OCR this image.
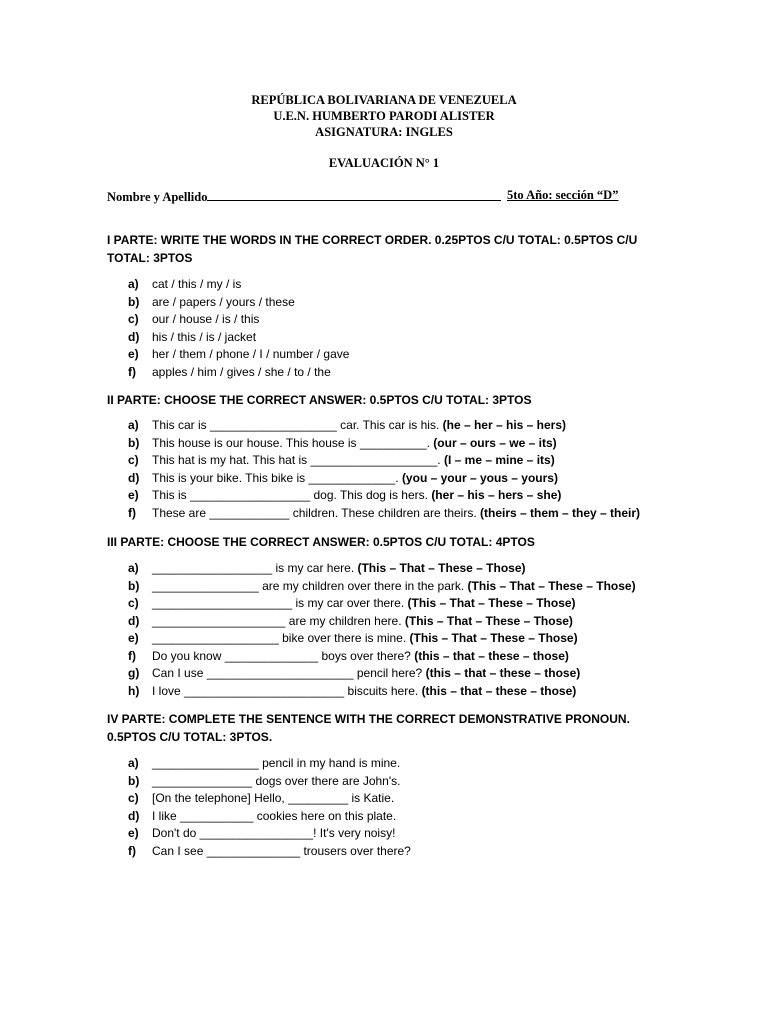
REPÚBLICA BOLIVARIANA DE VENEZUELA
U.E.N. HUMBERTO PARODI ALISTER
ASIGNATURA: INGLES
EVALUACIÓN N° 1
Nombre y Apellido	5to Año: sección “D”
I PARTE: WRITE THE WORDS IN THE CORRECT ORDER. 0.25PTOS C/U TOTAL: 0.5PTOS C/U TOTAL: 3PTOS
a) cat / this / my / is
b) are / papers / yours / these
c) our / house / is / this
d) his / this / is / jacket
e) her / them / phone / I / number / gave
f) apples / him / gives / she / to / the
II PARTE: CHOOSE THE CORRECT ANSWER: 0.5PTOS C/U TOTAL: 3PTOS
a) This car is ___________________ car. This car is his. (he – her – his – hers)
b) This house is our house. This house is __________. (our – ours – we – its)
c) This hat is my hat. This hat is ___________________. (I – me – mine – its)
d) This is your bike. This bike is _____________. (you – your – yous – yours)
e) This is __________________ dog. This dog is hers. (her – his – hers – she)
f) These are ____________ children. These children are theirs. (theirs – them – they – their)
III PARTE: CHOOSE THE CORRECT ANSWER: 0.5PTOS C/U TOTAL: 4PTOS
a) __________________ is my car here. (This – That – These – Those)
b) ________________ are my children over there in the park. (This – That – These – Those)
c) _____________________ is my car over there. (This – That – These – Those)
d) ____________________ are my children here. (This – That – These – Those)
e) ___________________ bike over there is mine. (This – That – These – Those)
f) Do you know ______________ boys over there? (this – that – these – those)
g) Can I use ______________________ pencil here? (this – that – these – those)
h) I love ________________________ biscuits here. (this – that – these – those)
IV PARTE: COMPLETE THE SENTENCE WITH THE CORRECT DEMONSTRATIVE PRONOUN. 0.5PTOS C/U TOTAL: 3PTOS.
a) ________________ pencil in my hand is mine.
b) _______________ dogs over there are John's.
c) [On the telephone] Hello, _________ is Katie.
d) I like ___________ cookies here on this plate.
e) Don't do _________________! It's very noisy!
f) Can I see ______________ trousers over there?
